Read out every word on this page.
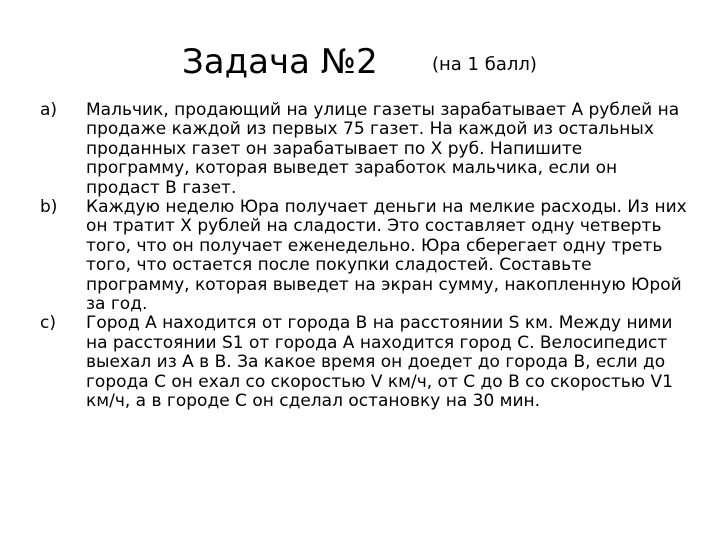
Задача №2	(на 1 балл)
a)	Мальчик, продающий на улице газеты зарабатывает А рублей на
продаже каждой из первых 75 газет. На каждой из остальных
проданных газет он зарабатывает по Х руб. Напишите
программу, которая выведет заработок мальчика, если он
продаст В газет.
b)	Каждую неделю Юра получает деньги на мелкие расходы. Из них
он тратит Х рублей на сладости. Это составляет одну четверть
того, что он получает еженедельно. Юра сберегает одну треть
того, что остается после покупки сладостей. Составьте
программу, которая выведет на экран сумму, накопленную Юрой
за год.
c)	Город А находится от города В на расстоянии S км. Между ними
на расстоянии S1 от города А находится город С. Велосипедист
выехал из А в В. За какое время он доедет до города В, если до
города С он ехал со скоростью V км/ч, от С до В со скоростью V1
км/ч, а в городе С он сделал остановку на 30 мин.
